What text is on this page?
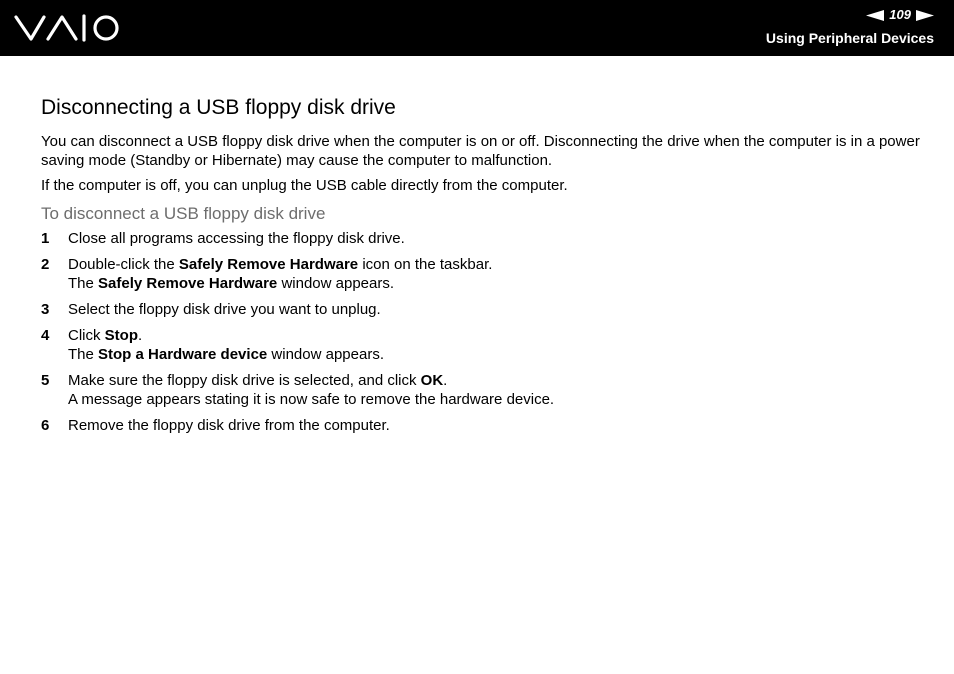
109
Using Peripheral Devices
Disconnecting a USB floppy disk drive

You can disconnect a USB floppy disk drive when the computer is on or off. Disconnecting the drive when the computer is in a power saving mode (Standby or Hibernate) may cause the computer to malfunction.

If the computer is off, you can unplug the USB cable directly from the computer.

To disconnect a USB floppy disk drive
1	Close all programs accessing the floppy disk drive.
2	Double-click the Safely Remove Hardware icon on the taskbar.
The Safely Remove Hardware window appears.
3	Select the floppy disk drive you want to unplug.
4	Click Stop.
The Stop a Hardware device window appears.
5	Make sure the floppy disk drive is selected, and click OK.
A message appears stating it is now safe to remove the hardware device.
6	Remove the floppy disk drive from the computer.
